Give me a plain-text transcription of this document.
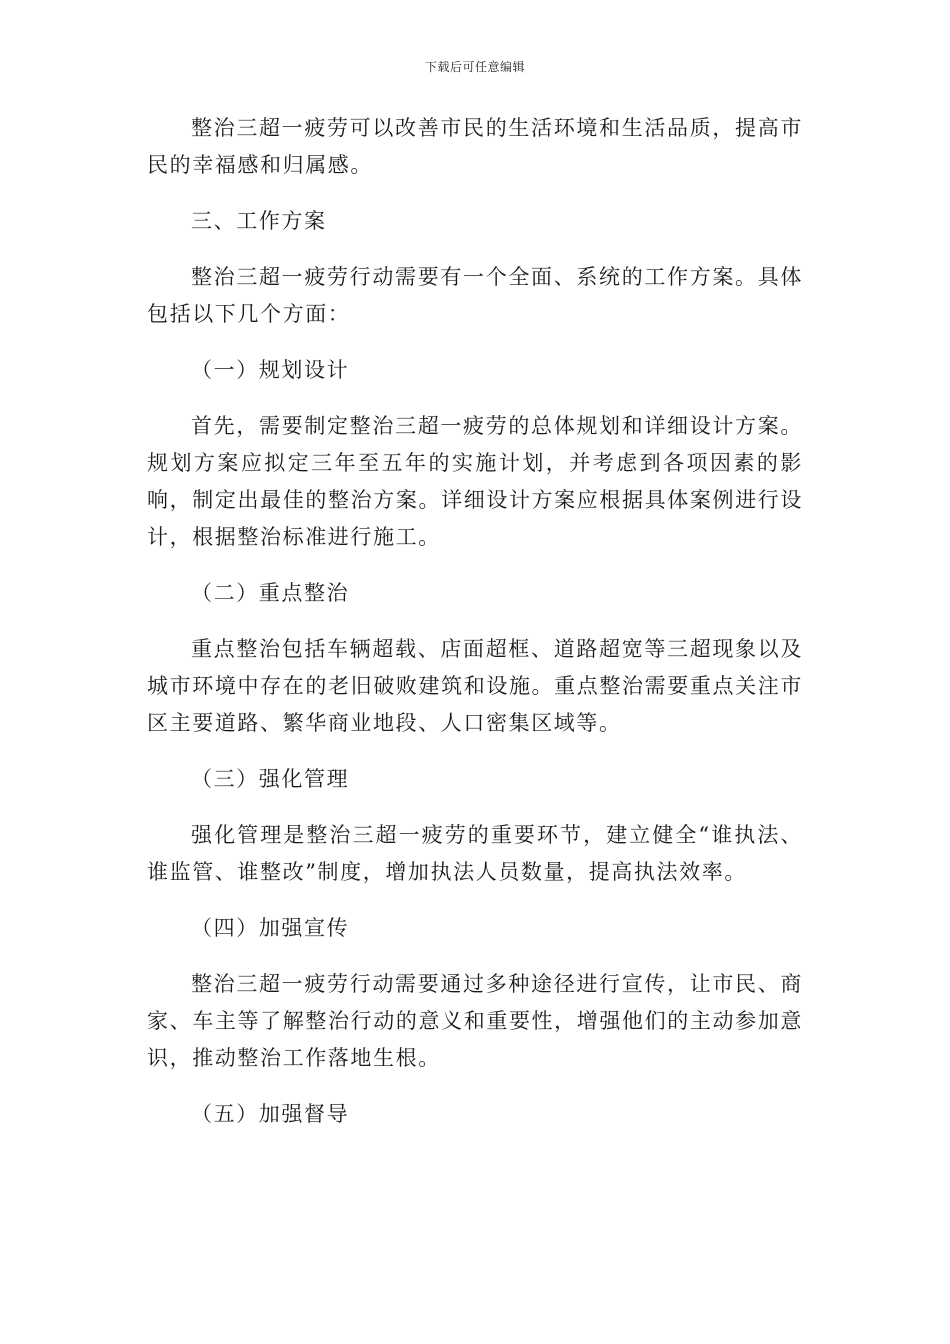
下载后可任意编辑

整治三超一疲劳可以改善市民的生活环境和生活品质，提高市民的幸福感和归属感。

三、工作方案

整治三超一疲劳行动需要有一个全面、系统的工作方案。具体包括以下几个方面：

（一）规划设计

首先，需要制定整治三超一疲劳的总体规划和详细设计方案。规划方案应拟定三年至五年的实施计划，并考虑到各项因素的影响，制定出最佳的整治方案。详细设计方案应根据具体案例进行设计，根据整治标准进行施工。

（二）重点整治

重点整治包括车辆超载、店面超框、道路超宽等三超现象以及城市环境中存在的老旧破败建筑和设施。重点整治需要重点关注市区主要道路、繁华商业地段、人口密集区域等。

（三）强化管理

强化管理是整治三超一疲劳的重要环节，建立健全“谁执法、谁监管、谁整改”制度，增加执法人员数量，提高执法效率。

（四）加强宣传

整治三超一疲劳行动需要通过多种途径进行宣传，让市民、商家、车主等了解整治行动的意义和重要性，增强他们的主动参加意识，推动整治工作落地生根。

（五）加强督导
